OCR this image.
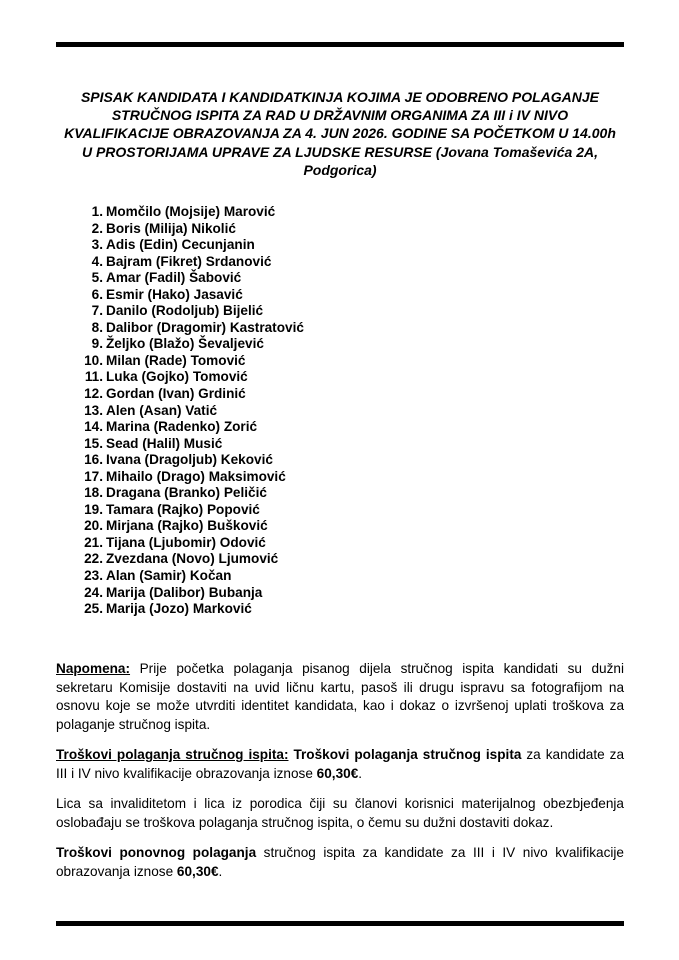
SPISAK KANDIDATA I KANDIDATKINJA KOJIMA JE ODOBRENO POLAGANJE STRUČNOG ISPITA ZA RAD U DRŽAVNIM ORGANIMA ZA III i IV NIVO KVALIFIKACIJE OBRAZOVANJA ZA 4. JUN 2026. GODINE SA POČETKOM U 14.00h U PROSTORIJAMA UPRAVE ZA LJUDSKE RESURSE (Jovana Tomaševića 2A, Podgorica)

1. Momčilo (Mojsije) Marović
2. Boris (Milija) Nikolić
3. Adis (Edin) Cecunjanin
4. Bajram (Fikret) Srdanović
5. Amar (Fadil) Šabović
6. Esmir (Hako) Jasavić
7. Danilo (Rodoljub) Bijelić
8. Dalibor (Dragomir) Kastratović
9. Željko (Blažo) Ševaljević
10. Milan (Rade) Tomović
11. Luka (Gojko) Tomović
12. Gordan (Ivan) Grdinić
13. Alen (Asan) Vatić
14. Marina (Radenko) Zorić
15. Sead (Halil) Musić
16. Ivana (Dragoljub) Keković
17. Mihailo (Drago) Maksimović
18. Dragana (Branko) Peličić
19. Tamara (Rajko) Popović
20. Mirjana (Rajko) Bušković
21. Tijana (Ljubomir) Odović
22. Zvezdana (Novo) Ljumović
23. Alan (Samir) Kočan
24. Marija (Dalibor) Bubanja
25. Marija (Jozo) Marković

Napomena: Prije početka polaganja pisanog dijela stručnog ispita kandidati su dužni sekretaru Komisije dostaviti na uvid ličnu kartu, pasoš ili drugu ispravu sa fotografijom na osnovu koje se može utvrditi identitet kandidata, kao i dokaz o izvršenoj uplati troškova za polaganje stručnog ispita.

Troškovi polaganja stručnog ispita: Troškovi polaganja stručnog ispita za kandidate za III i IV nivo kvalifikacije obrazovanja iznose 60,30€.

Lica sa invaliditetom i lica iz porodica čiji su članovi korisnici materijalnog obezbjeđenja oslobađaju se troškova polaganja stručnog ispita, o čemu su dužni dostaviti dokaz.

Troškovi ponovnog polaganja stručnog ispita za kandidate za III i IV nivo kvalifikacije obrazovanja iznose 60,30€.
